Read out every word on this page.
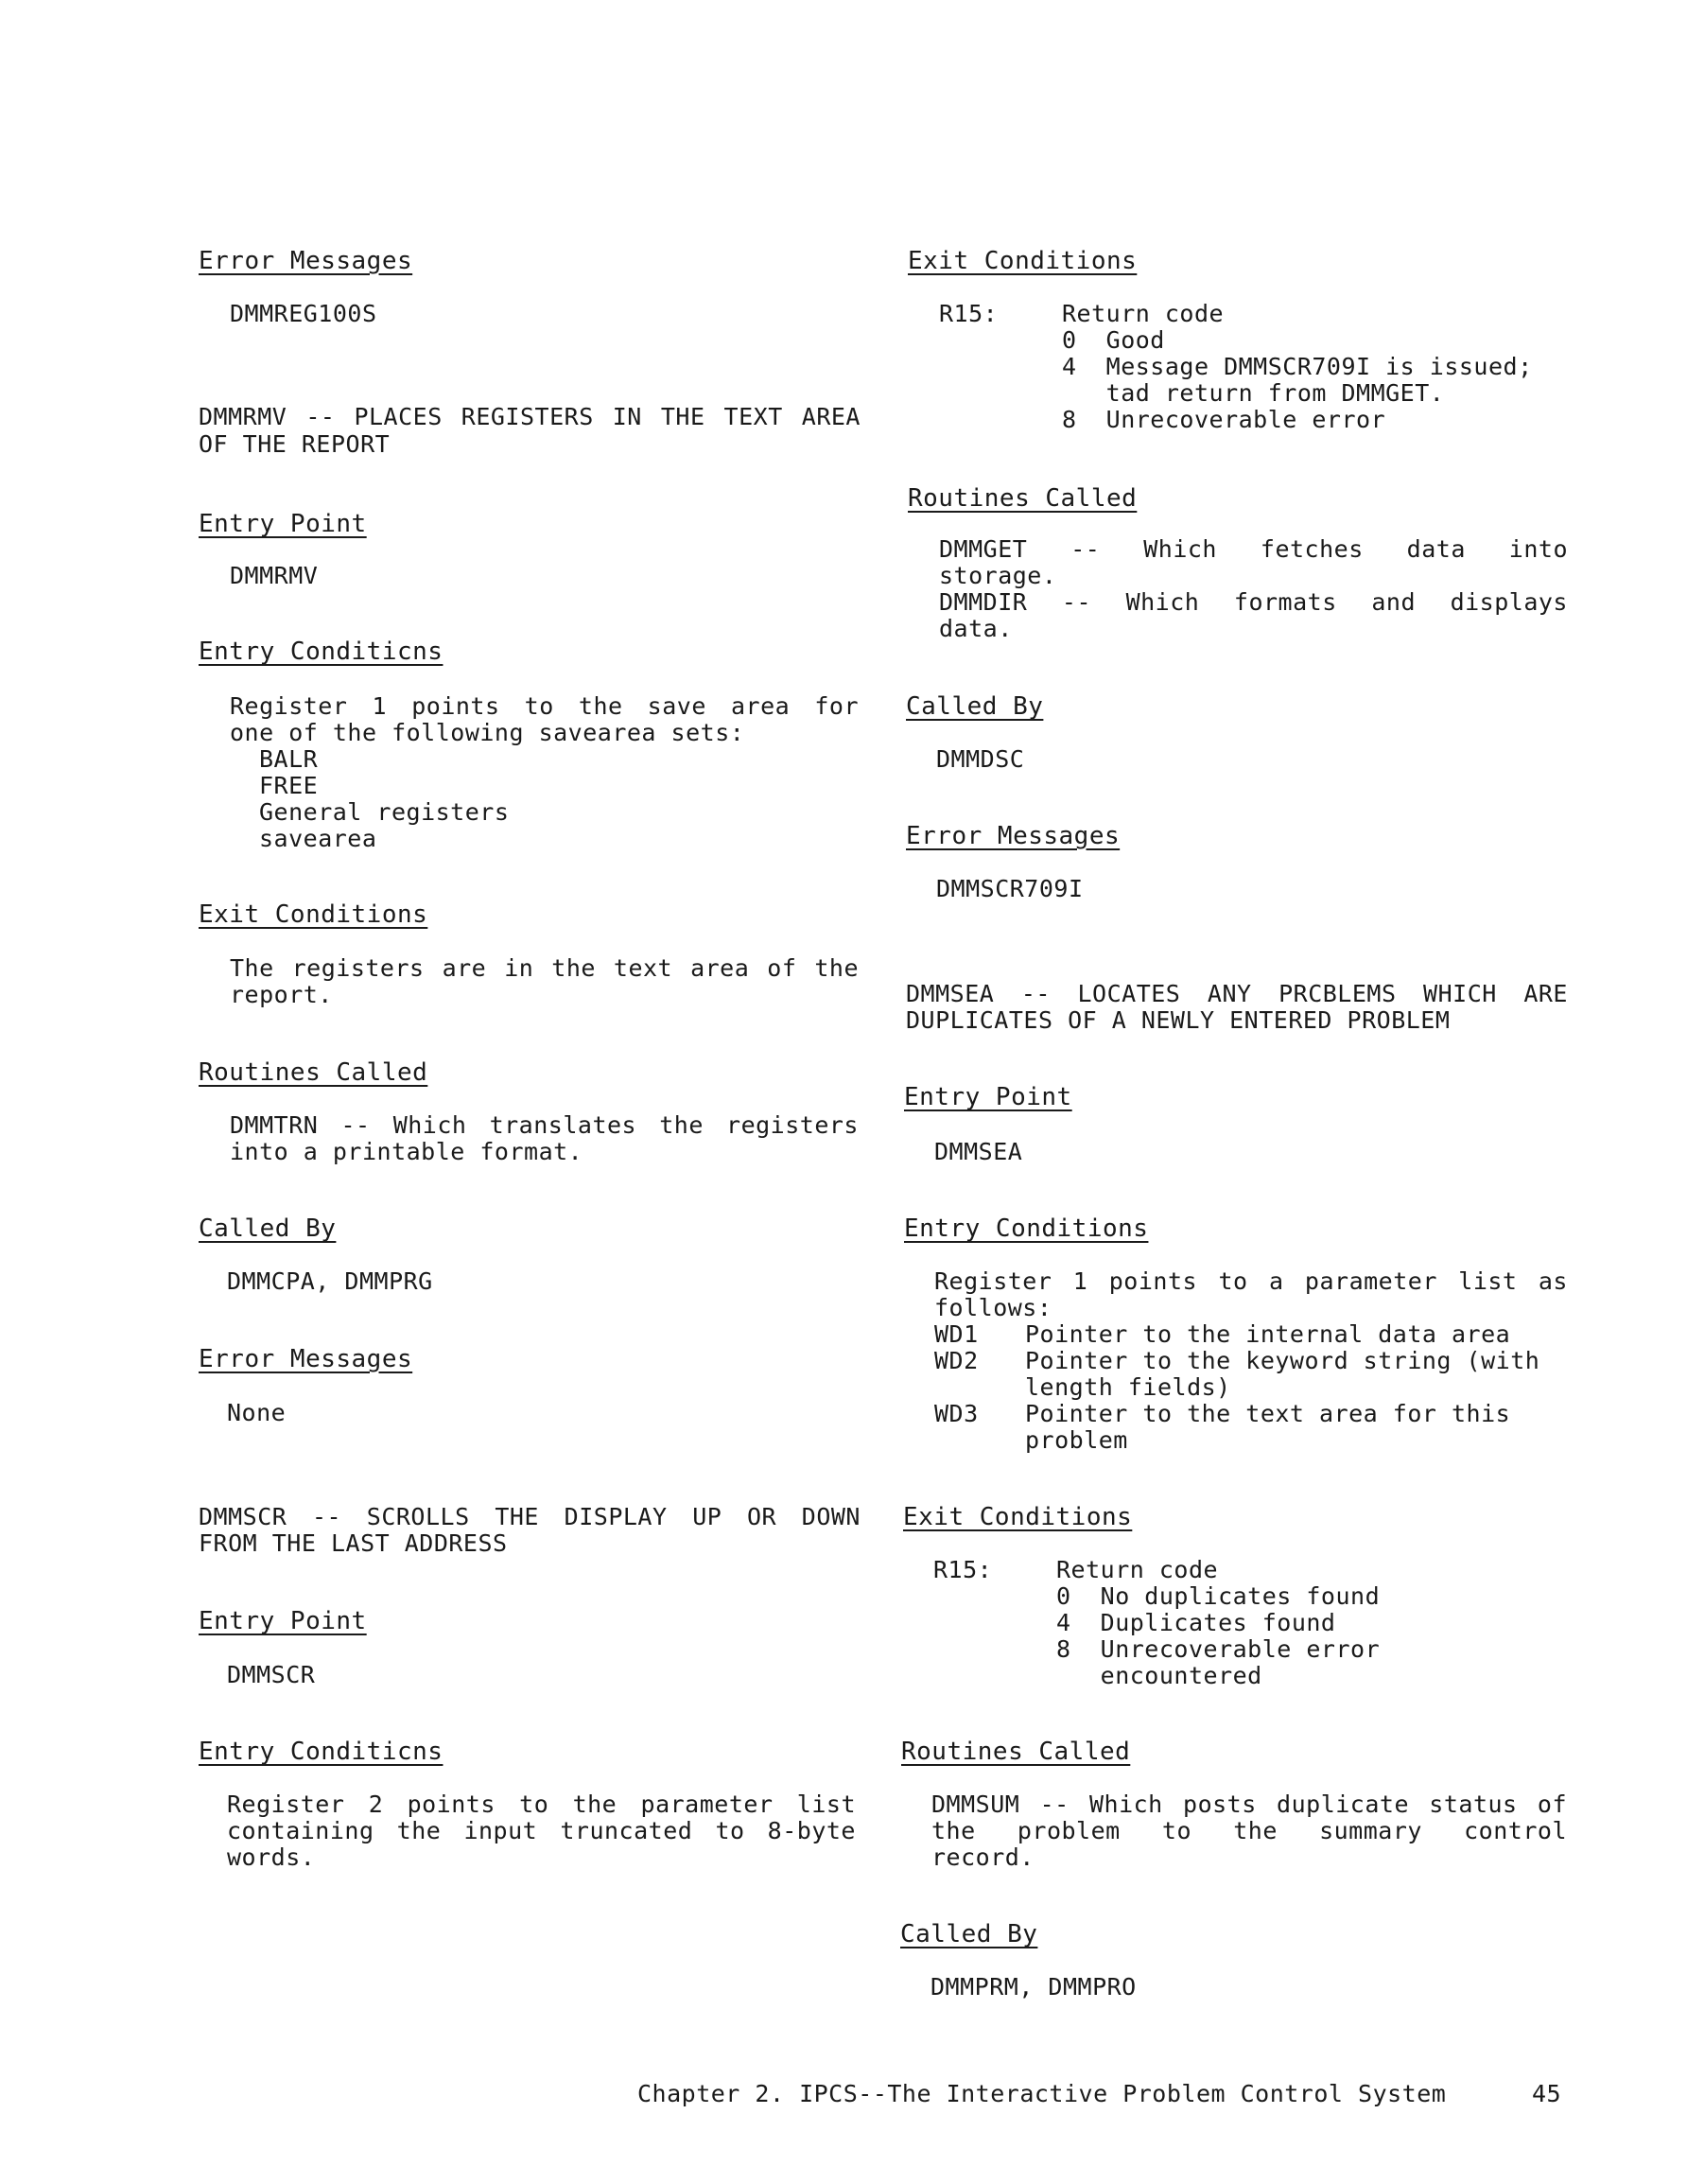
Error Messages
DMMREG100S
DMMRMV -- PLACES REGISTERS IN THE TEXT AREA
OF THE REPORT
Entry Point
DMMRMV
Entry Conditicns
Register 1 points to the save area for
one of the following savearea sets:
BALR
FREE
General registers
savearea
Exit Conditions
The registers are in the text area of the
report.
Routines Called
DMMTRN -- Which translates the registers
into a printable format.
Called By
DMMCPA, DMMPRG
Error Messages
None
DMMSCR -- SCROLLS THE DISPLAY UP OR DOWN
FROM THE LAST ADDRESS
Entry Point
DMMSCR
Entry Conditicns
Register 2 points to the parameter list
containing the input truncated to 8-byte
words.
Exit Conditions
R15:	Return code
0  Good
4  Message DMMSCR709I is issued;
tad return from DMMGET.
8  Unrecoverable error
Routines Called
DMMGET -- Which fetches data into
storage.
DMMDIR -- Which formats and displays
data.
Called By
DMMDSC
Error Messages
DMMSCR709I
DMMSEA -- LOCATES ANY PRCBLEMS WHICH ARE
DUPLICATES OF A NEWLY ENTERED PROBLEM
Entry Point
DMMSEA
Entry Conditions
Register 1 points to a parameter list as
follows:
WD1 Pointer to the internal data area
WD2 Pointer to the keyword string (with
length fields)
WD3 Pointer to the text area for this
problem
Exit Conditions
R15:	Return code
0  No duplicates found
4  Duplicates found
8  Unrecoverable error
encountered
Routines Called
DMMSUM -- Which posts duplicate status of
the problem to the summary control
record.
Called By
DMMPRM, DMMPRO
Chapter 2. IPCS--The Interactive Problem Control System	45
